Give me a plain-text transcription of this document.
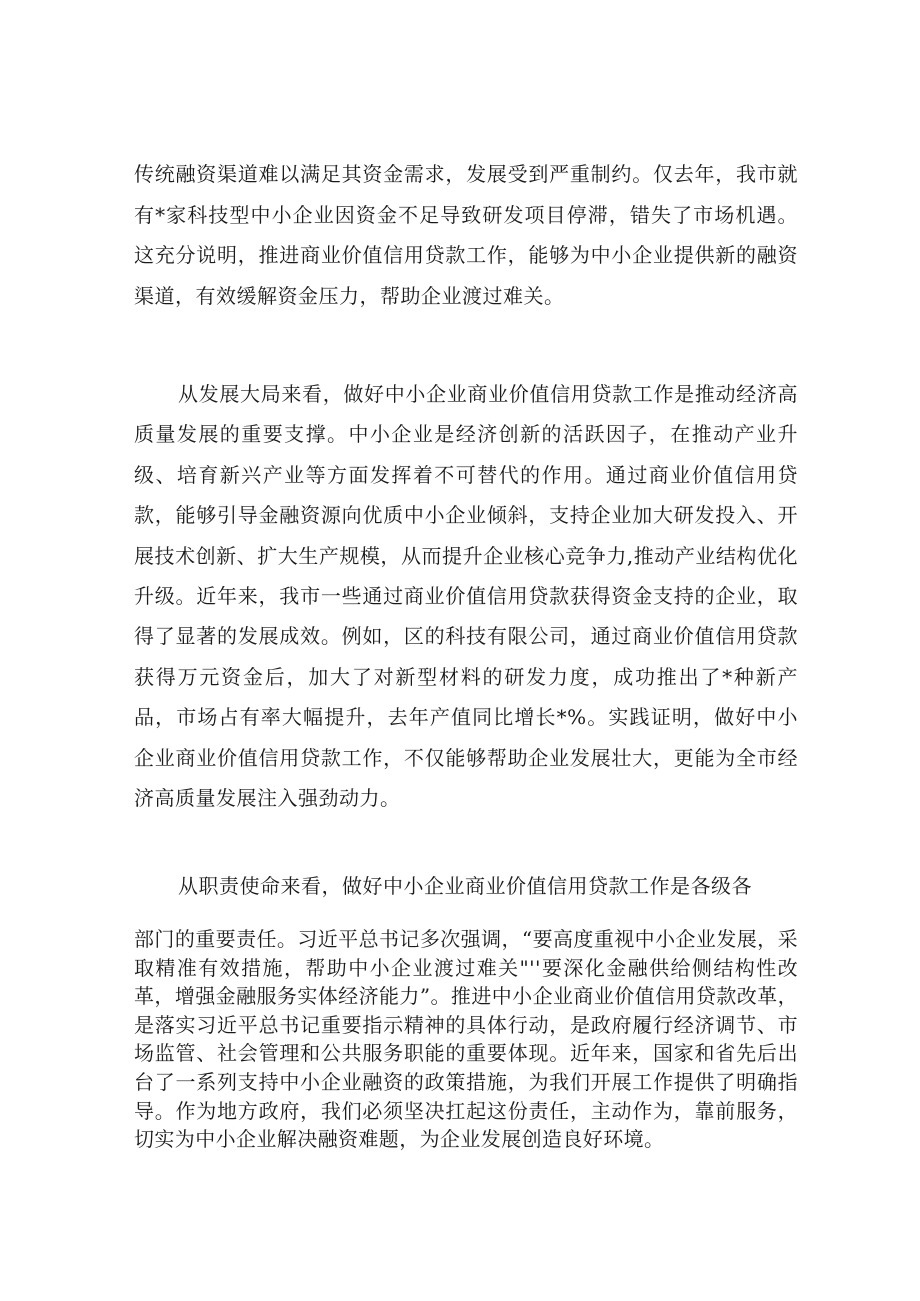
传统融资渠道难以满足其资金需求，发展受到严重制约。仅去年，我市就有*家科技型中小企业因资金不足导致研发项目停滞，错失了市场机遇。这充分说明，推进商业价值信用贷款工作，能够为中小企业提供新的融资渠道，有效缓解资金压力，帮助企业渡过难关。

从发展大局来看，做好中小企业商业价值信用贷款工作是推动经济高质量发展的重要支撑。中小企业是经济创新的活跃因子，在推动产业升级、培育新兴产业等方面发挥着不可替代的作用。通过商业价值信用贷款，能够引导金融资源向优质中小企业倾斜，支持企业加大研发投入、开展技术创新、扩大生产规模，从而提升企业核心竞争力,推动产业结构优化升级。近年来，我市一些通过商业价值信用贷款获得资金支持的企业，取得了显著的发展成效。例如，区的科技有限公司，通过商业价值信用贷款获得万元资金后，加大了对新型材料的研发力度，成功推出了*种新产品，市场占有率大幅提升，去年产值同比增长*%。实践证明，做好中小企业商业价值信用贷款工作，不仅能够帮助企业发展壮大，更能为全市经济高质量发展注入强劲动力。

从职责使命来看，做好中小企业商业价值信用贷款工作是各级各

部门的重要责任。习近平总书记多次强调，“要高度重视中小企业发展，采取精准有效措施，帮助中小企业渡过难关"''要深化金融供给侧结构性改革，增强金融服务实体经济能力”。推进中小企业商业价值信用贷款改革，是落实习近平总书记重要指示精神的具体行动，是政府履行经济调节、市场监管、社会管理和公共服务职能的重要体现。近年来，国家和省先后出台了一系列支持中小企业融资的政策措施，为我们开展工作提供了明确指导。作为地方政府，我们必须坚决扛起这份责任，主动作为，靠前服务，切实为中小企业解决融资难题，为企业发展创造良好环境。
